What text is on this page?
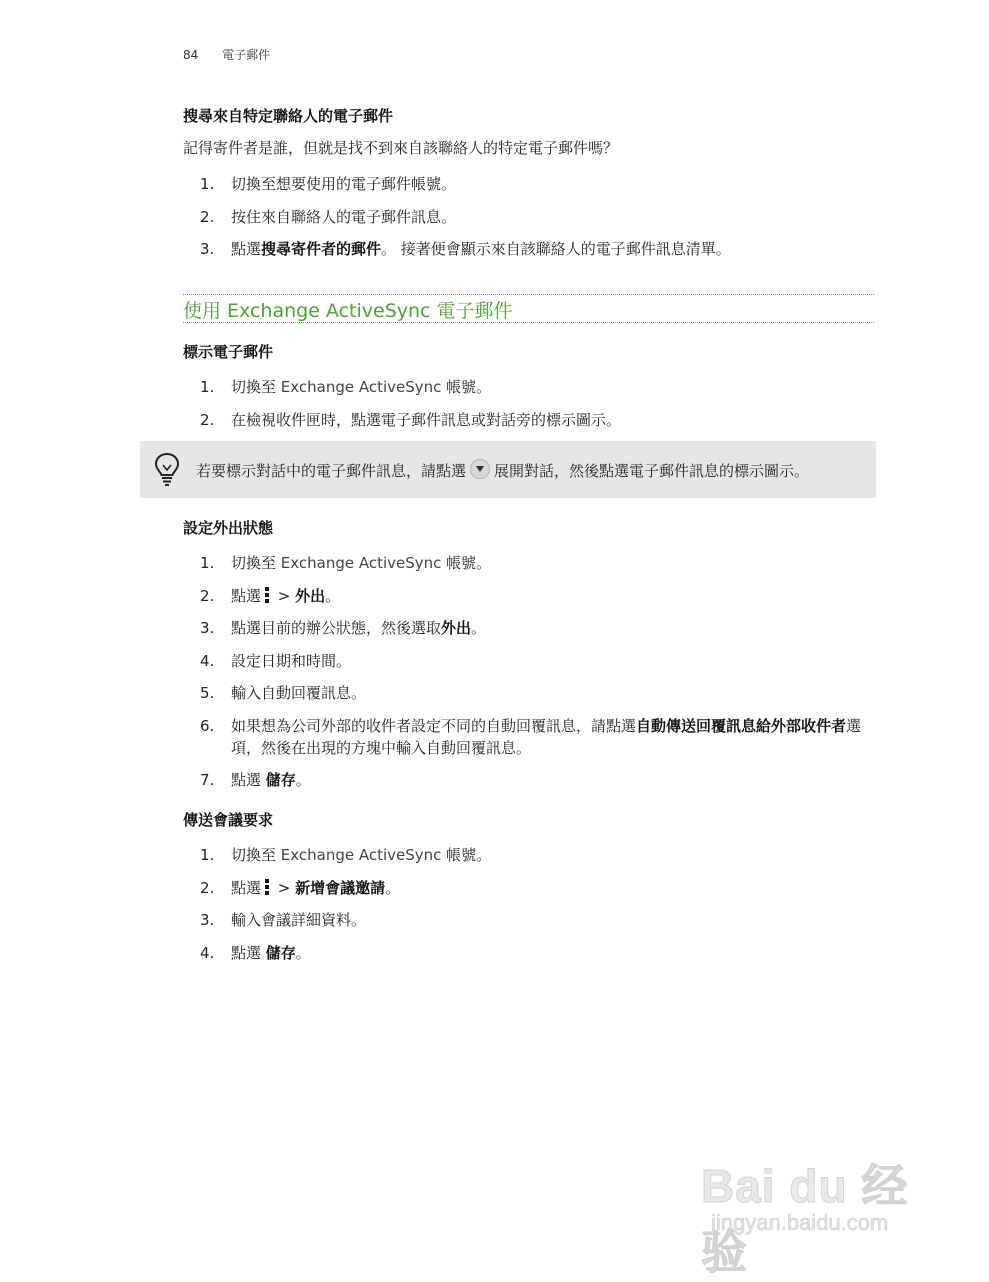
84 電子郵件
搜尋來自特定聯絡人的電子郵件
記得寄件者是誰，但就是找不到來自該聯絡人的特定電子郵件嗎？
1. 切換至想要使用的電子郵件帳號。
2. 按住來自聯絡人的電子郵件訊息。
3. 點選搜尋寄件者的郵件。 接著便會顯示來自該聯絡人的電子郵件訊息清單。
使用 Exchange ActiveSync 電子郵件
標示電子郵件
1. 切換至 Exchange ActiveSync 帳號。
2. 在檢視收件匣時，點選電子郵件訊息或對話旁的標示圖示。
若要標示對話中的電子郵件訊息，請點選 展開對話，然後點選電子郵件訊息的標示圖示。
設定外出狀態
1. 切換至 Exchange ActiveSync 帳號。
2. 點選
> 外出。
3. 點選目前的辦公狀態，然後選取外出。
4. 設定日期和時間。
5. 輸入自動回覆訊息。
6. 如果想為公司外部的收件者設定不同的自動回覆訊息，請點選自動傳送回覆訊息給外部收件者選項，然後在出現的方塊中輸入自動回覆訊息。
7. 點選 儲存。
傳送會議要求
1. 切換至 Exchange ActiveSync 帳號。
2. 點選
> 新增會議邀請。
3. 輸入會議詳細資料。
4. 點選 儲存。
Bai du 经验
jingyan.baidu.com
